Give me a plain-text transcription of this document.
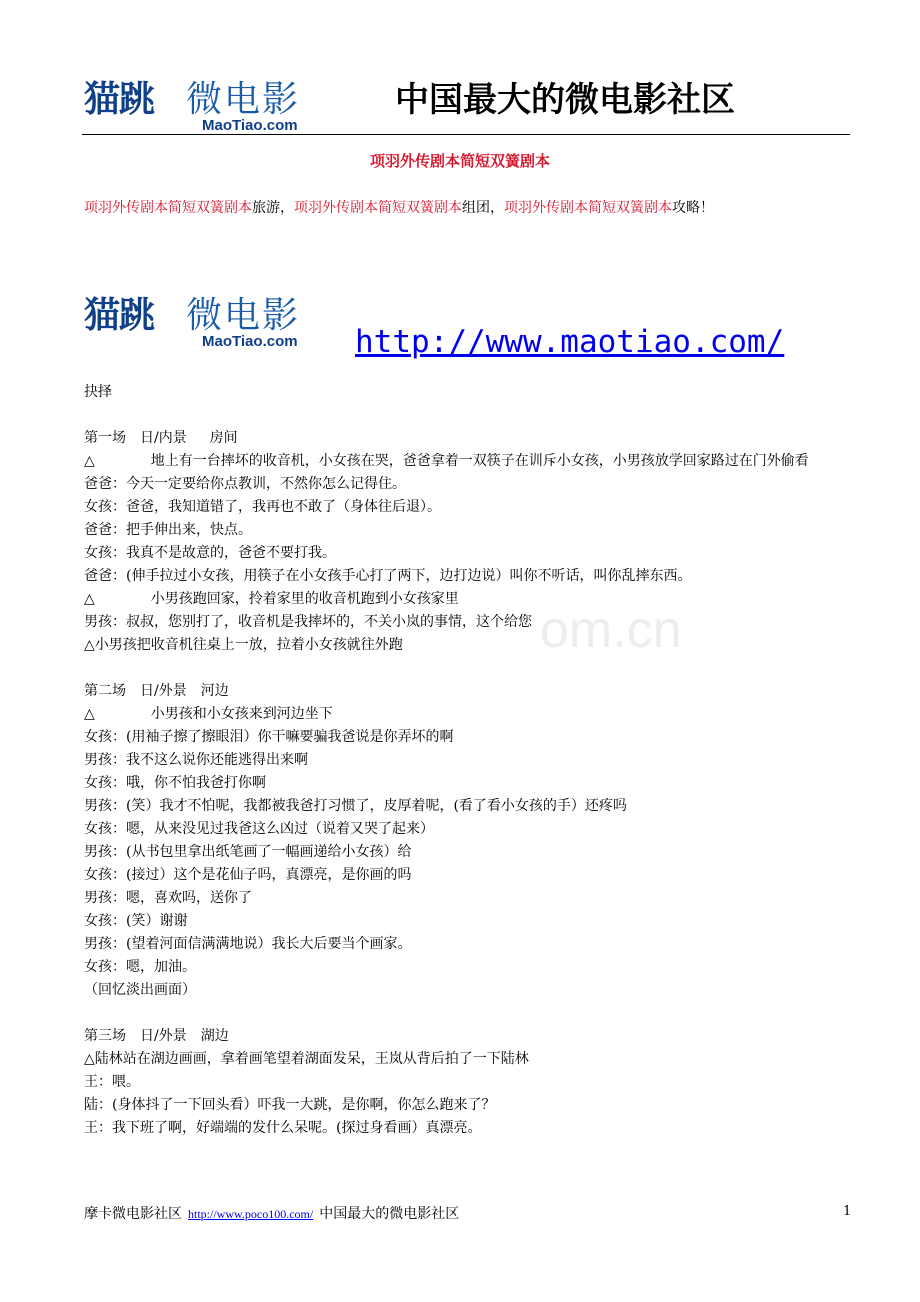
猫跳 微电影
MaoTiao.com
中国最大的微电影社区
项羽外传剧本简短双簧剧本
项羽外传剧本简短双簧剧本旅游，项羽外传剧本简短双簧剧本组团，项羽外传剧本简短双簧剧本攻略！
猫跳 微电影
MaoTiao.com http://www.maotiao.com/
om.cn
抉择
第一场　日/内景　  房间
△　　　　地上有一台摔坏的收音机，小女孩在哭，爸爸拿着一双筷子在训斥小女孩，小男孩放学回家路过在门外偷看
爸爸：今天一定要给你点教训，不然你怎么记得住。
女孩：爸爸，我知道错了，我再也不敢了（身体往后退）。
爸爸：把手伸出来，快点。
女孩：我真不是故意的，爸爸不要打我。
爸爸：(伸手拉过小女孩，用筷子在小女孩手心打了两下，边打边说）叫你不听话，叫你乱摔东西。
△　　　　小男孩跑回家，拎着家里的收音机跑到小女孩家里
男孩：叔叔，您别打了，收音机是我摔坏的，不关小岚的事情，这个给您
△小男孩把收音机往桌上一放，拉着小女孩就往外跑
第二场　日/外景　河边
△　　　　小男孩和小女孩来到河边坐下
女孩：(用袖子擦了擦眼泪）你干嘛要骗我爸说是你弄坏的啊
男孩：我不这么说你还能逃得出来啊
女孩：哦，你不怕我爸打你啊
男孩：(笑）我才不怕呢，我都被我爸打习惯了，皮厚着呢，(看了看小女孩的手）还疼吗
女孩：嗯，从来没见过我爸这么凶过（说着又哭了起来）
男孩：(从书包里拿出纸笔画了一幅画递给小女孩）给
女孩：(接过）这个是花仙子吗，真漂亮，是你画的吗
男孩：嗯，喜欢吗，送你了
女孩：(笑）谢谢
男孩：(望着河面信满满地说）我长大后要当个画家。
女孩：嗯，加油。
（回忆淡出画面）
第三场　日/外景　湖边
△陆林站在湖边画画，拿着画笔望着湖面发呆，王岚从背后拍了一下陆林
王：喂。
陆：(身体抖了一下回头看）吓我一大跳，是你啊，你怎么跑来了？
王：我下班了啊，好端端的发什么呆呢。(探过身看画）真漂亮。
摩卡微电影社区 http://www.poco100.com/ 中国最大的微电影社区	1
